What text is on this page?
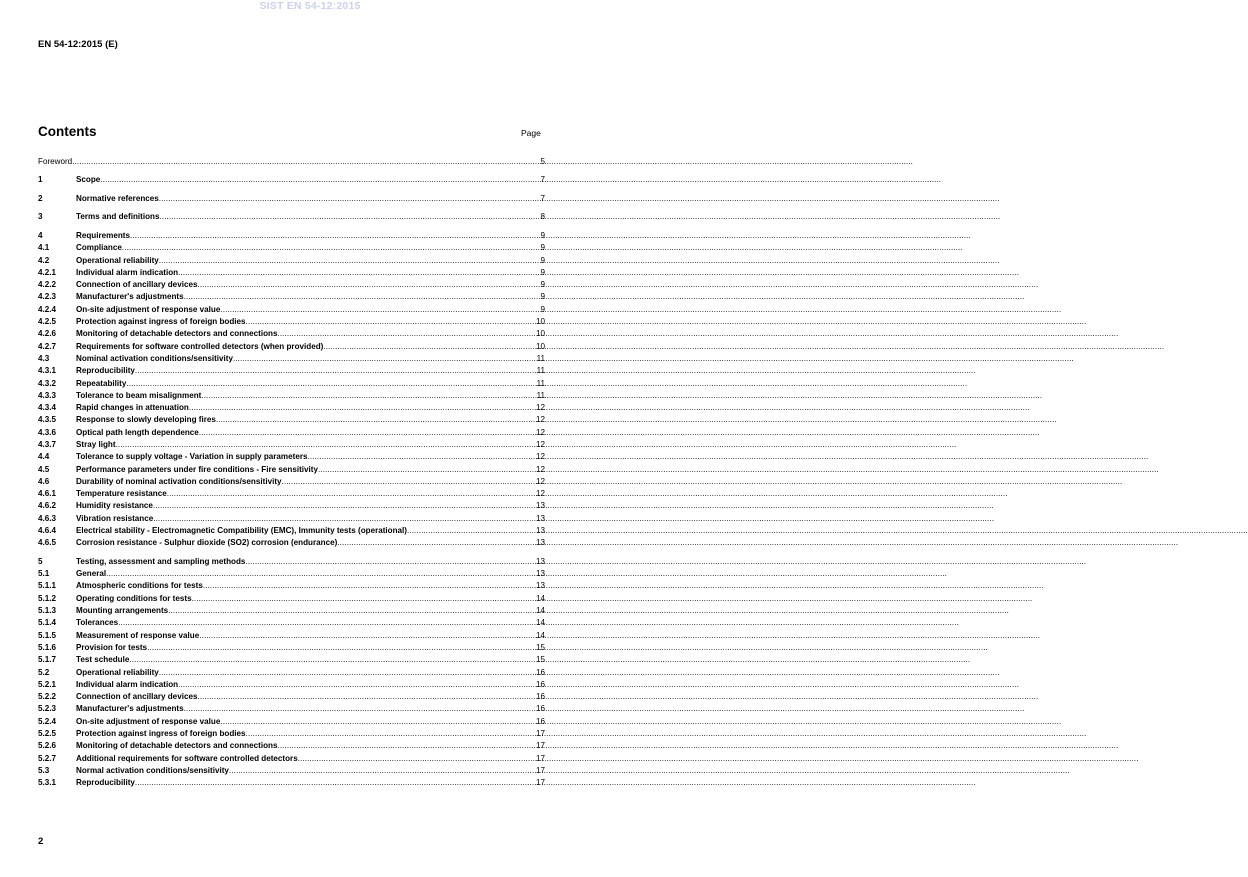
SIST EN 54-12:2015
EN 54-12:2015 (E)
Contents	Page
Foreword .....	5
1	Scope .....	7
2	Normative references .....	7
3	Terms and definitions .....	8
4	Requirements .....	9
4.1	Compliance .....	9
4.2	Operational reliability .....	9
4.2.1	Individual alarm indication .....	9
4.2.2	Connection of ancillary devices .....	9
4.2.3	Manufacturer's adjustments .....	9
4.2.4	On-site adjustment of response value .....	9
4.2.5	Protection against ingress of foreign bodies .....	10
4.2.6	Monitoring of detachable detectors and connections .....	10
4.2.7	Requirements for software controlled detectors (when provided) .....	10
4.3	Nominal activation conditions/sensitivity .....	11
4.3.1	Reproducibility .....	11
4.3.2	Repeatability .....	11
4.3.3	Tolerance to beam misalignment .....	11
4.3.4	Rapid changes in attenuation .....	12
4.3.5	Response to slowly developing fires .....	12
4.3.6	Optical path length dependence .....	12
4.3.7	Stray light .....	12
4.4	Tolerance to supply voltage - Variation in supply parameters .....	12
4.5	Performance parameters under fire conditions - Fire sensitivity .....	12
4.6	Durability of nominal activation conditions/sensitivity .....	12
4.6.1	Temperature resistance .....	12
4.6.2	Humidity resistance .....	13
4.6.3	Vibration resistance .....	13
4.6.4	Electrical stability - Electromagnetic Compatibility (EMC), Immunity tests (operational) .....	13
4.6.5	Corrosion resistance - Sulphur dioxide (SO2) corrosion (endurance) .....	13
5	Testing, assessment and sampling methods .....	13
5.1	General .....	13
5.1.1	Atmospheric conditions for tests .....	13
5.1.2	Operating conditions for tests .....	14
5.1.3	Mounting arrangements .....	14
5.1.4	Tolerances .....	14
5.1.5	Measurement of response value .....	14
5.1.6	Provision for tests .....	15
5.1.7	Test schedule .....	15
5.2	Operational reliability .....	16
5.2.1	Individual alarm indication .....	16
5.2.2	Connection of ancillary devices .....	16
5.2.3	Manufacturer's adjustments .....	16
5.2.4	On-site adjustment of response value .....	16
5.2.5	Protection against ingress of foreign bodies .....	17
5.2.6	Monitoring of detachable detectors and connections .....	17
5.2.7	Additional requirements for software controlled detectors .....	17
5.3	Normal activation conditions/sensitivity .....	17
5.3.1	Reproducibility .....	17
2
